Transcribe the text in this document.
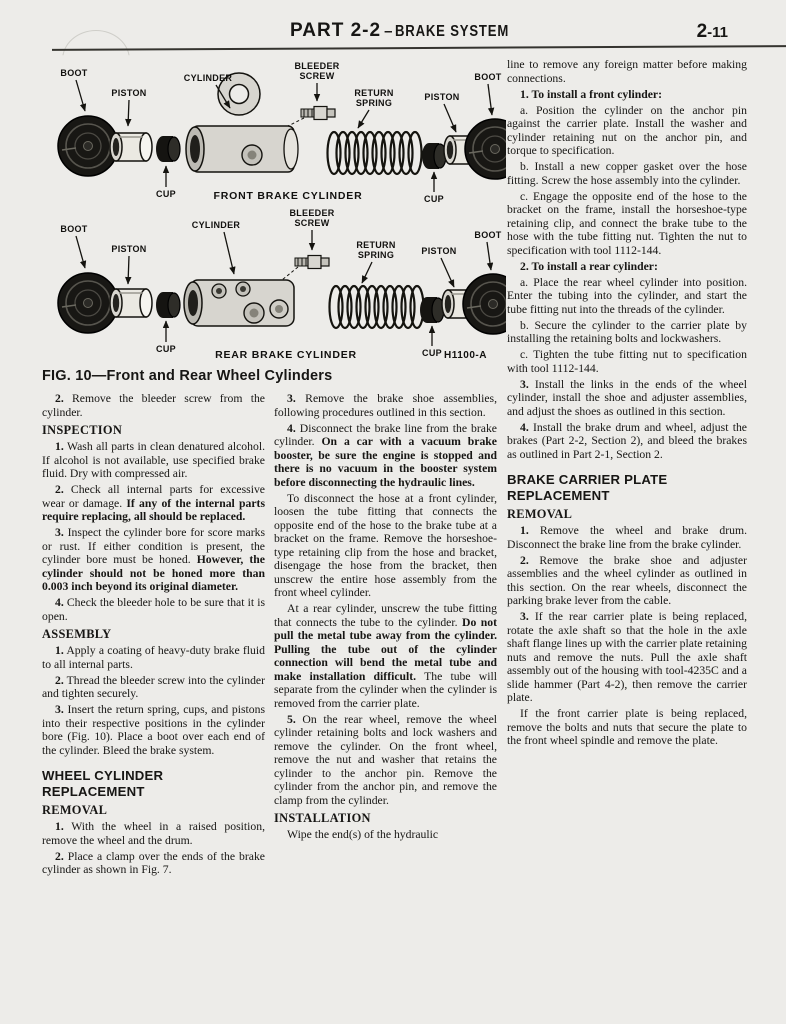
PART 2-2 – BRAKE SYSTEM	2-11
BOOT
PISTON
CYLINDER
BLEEDER
SCREW
RETURN
SPRING
PISTON
BOOT
CUP	CUP
FRONT BRAKE CYLINDER
BOOT
PISTON
CYLINDER
BLEEDER
SCREW
RETURN
SPRING	PISTON
BOOT
CUP	CUP
REAR BRAKE CYLINDER	H1100-A
FIG. 10—Front and Rear Wheel Cylinders

2. Remove the bleeder screw from the cylinder.

INSPECTION

1. Wash all parts in clean denatured alcohol. If alcohol is not available, use specified brake fluid. Dry with compressed air.

2. Check all internal parts for excessive wear or damage. If any of the internal parts require replacing, all should be replaced.

3. Inspect the cylinder bore for score marks or rust. If either condition is present, the cylinder bore must be honed. However, the cylinder should not be honed more than 0.003 inch beyond its original diameter.

4. Check the bleeder hole to be sure that it is open.

ASSEMBLY

1. Apply a coating of heavy-duty brake fluid to all internal parts.

2. Thread the bleeder screw into the cylinder and tighten securely.

3. Insert the return spring, cups, and pistons into their respective positions in the cylinder bore (Fig. 10). Place a boot over each end of the cylinder. Bleed the brake system.

WHEEL CYLINDER REPLACEMENT
REMOVAL

1. With the wheel in a raised position, remove the wheel and the drum.

2. Place a clamp over the ends of the brake cylinder as shown in Fig. 7.

3. Remove the brake shoe assemblies, following procedures outlined in this section.

4. Disconnect the brake line from the brake cylinder. On a car with a vacuum brake booster, be sure the engine is stopped and there is no vacuum in the booster system before disconnecting the hydraulic lines.

To disconnect the hose at a front cylinder, loosen the tube fitting that connects the opposite end of the hose to the brake tube at a bracket on the frame. Remove the horseshoe-type retaining clip from the hose and bracket, disengage the hose from the bracket, then unscrew the entire hose assembly from the front wheel cylinder.

At a rear cylinder, unscrew the tube fitting that connects the tube to the cylinder. Do not pull the metal tube away from the cylinder. Pulling the tube out of the cylinder connection will bend the metal tube and make installation difficult. The tube will separate from the cylinder when the cylinder is removed from the carrier plate.

5. On the rear wheel, remove the wheel cylinder retaining bolts and lock washers and remove the cylinder. On the front wheel, remove the nut and washer that retains the cylinder to the anchor pin. Remove the cylinder from the anchor pin, and remove the clamp from the cylinder.

INSTALLATION

Wipe the end(s) of the hydraulic

line to remove any foreign matter before making connections.

1. To install a front cylinder:

a. Position the cylinder on the anchor pin against the carrier plate. Install the washer and cylinder retaining nut on the anchor pin, and torque to specification.

b. Install a new copper gasket over the hose fitting. Screw the hose assembly into the cylinder.

c. Engage the opposite end of the hose to the bracket on the frame, install the horseshoe-type retaining clip, and connect the brake tube to the hose with the tube fitting nut. Tighten the nut to specification with tool 1112-144.

2. To install a rear cylinder:

a. Place the rear wheel cylinder into position. Enter the tubing into the cylinder, and start the tube fitting nut into the threads of the cylinder.

b. Secure the cylinder to the carrier plate by installing the retaining bolts and lockwashers.

c. Tighten the tube fitting nut to specification with tool 1112-144.

3. Install the links in the ends of the wheel cylinder, install the shoe and adjuster assemblies, and adjust the shoes as outlined in this section.

4. Install the brake drum and wheel, adjust the brakes (Part 2-2, Section 2), and bleed the brakes as outlined in Part 2-1, Section 2.

BRAKE CARRIER PLATE REPLACEMENT
REMOVAL

1. Remove the wheel and brake drum. Disconnect the brake line from the brake cylinder.

2. Remove the brake shoe and adjuster assemblies and the wheel cylinder as outlined in this section. On the rear wheels, disconnect the parking brake lever from the cable.

3. If the rear carrier plate is being replaced, rotate the axle shaft so that the hole in the axle shaft flange lines up with the carrier plate retaining nuts and remove the nuts. Pull the axle shaft assembly out of the housing with tool-4235C and a slide hammer (Part 4-2), then remove the carrier plate.

If the front carrier plate is being replaced, remove the bolts and nuts that secure the plate to the front wheel spindle and remove the plate.
